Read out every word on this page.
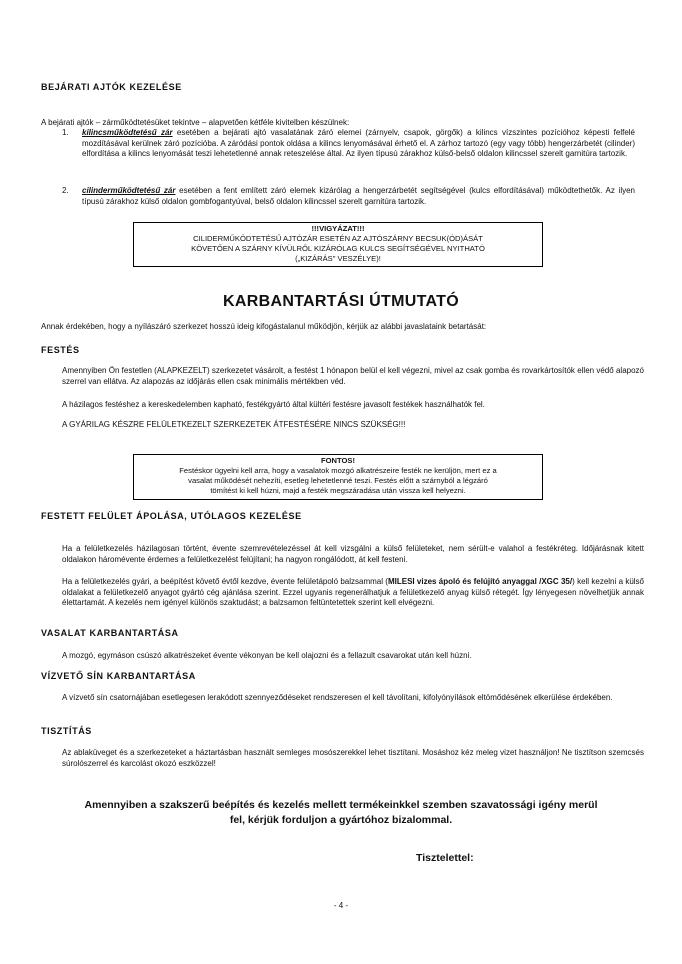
BEJÁRATI AJTÓK KEZELÉSE
A bejárati ajtók – zárműködtetésüket tekintve – alapvetően kétféle kivitelben készülnek:
1. kilincsműködtetésű zár esetében a bejárati ajtó vasalatának záró elemei (zárnyelv, csapok, görgők) a kilincs vízszintes pozícióhoz képesti felfelé mozdításával kerülnek záró pozícióba. A záródási pontok oldása a kilincs lenyomásával érhető el. A zárhoz tartozó (egy vagy több) hengerzárbetét (cilinder) elfordítása a kilincs lenyomását teszi lehetetlenné annak reteszelése által. Az ilyen típusú zárakhoz külső-belső oldalon kilincssel szerelt garnitúra tartozik.
2. cilinderműködtetésű zár esetében a fent említett záró elemek kizárólag a hengerzárbetét segítségével (kulcs elfordításával) működtethetők. Az ilyen típusú zárakhoz külső oldalon gombfogantyúval, belső oldalon kilincssel szerelt garnitúra tartozik.
!!!VIGYÁZAT!!!
CILIDERMŰKÖDTETÉSŰ AJTÓZÁR ESETÉN AZ AJTÓSZÁRNY BECSUK(ÓD)ÁSÁT
KÖVETŐEN A SZÁRNY KÍVÜLRŐL KIZÁRÓLAG KULCS SEGÍTSÉGÉVEL NYITHATÓ
(„KIZÁRÁS" VESZÉLYE)!
KARBANTARTÁSI ÚTMUTATÓ
Annak érdekében, hogy a nyílászáró szerkezet hosszú ideig kifogástalanul működjön, kérjük az alábbi javaslataink betartását:
FESTÉS
Amennyiben Ön festetlen (ALAPKEZELT) szerkezetet vásárolt, a festést 1 hónapon belül el kell végezni, mivel az csak gomba és rovarkártosítók ellen védő alapozó szerrel van ellátva. Az alapozás az időjárás ellen csak minimális mértékben véd.
A házilagos festéshez a kereskedelemben kapható, festékgyártó által kültéri festésre javasolt festékek használhatók fel.
A GYÁRILAG KÉSZRE FELÜLETKEZELT SZERKEZETEK ÁTFESTÉSÉRE NINCS SZÜKSÉG!!!
FONTOS!
Festéskor ügyelni kell arra, hogy a vasalatok mozgó alkatrészeire festék ne kerüljön, mert ez a
vasalat működését nehezíti, esetleg lehetetlenné teszi. Festés előtt a szárnyból a légzáró
tömítést ki kell húzni, majd a festék megszáradása után vissza kell helyezni.
FESTETT FELÜLET ÁPOLÁSA, UTÓLAGOS KEZELÉSE
Ha a felületkezelés házilagosan történt, évente szemrevételezéssel át kell vizsgálni a külső felületeket, nem sérült-e valahol a festékréteg. Időjárásnak kitett oldalakon háromévente érdemes a felületkezelést felújítani; ha nagyon rongálódott, át kell festeni.
Ha a felületkezelés gyári, a beépítést követő évtől kezdve, évente felületápoló balzsammal (MILESI vizes ápoló és felújító anyaggal /XGC 35/) kell kezelni a külső oldalakat a felületkezelő anyagot gyártó cég ajánlása szerint. Ezzel ugyanis regenerálhatjuk a felületkezelő anyag külső rétegét. Így lényegesen növelhetjük annak élettartamát. A kezelés nem igényel különös szaktudást; a balzsamon feltüntetettek szerint kell elvégezni.
VASALAT KARBANTARTÁSA
A mozgó, egymáson csúszó alkatrészeket évente vékonyan be kell olajozni és a fellazult csavarokat után kell húzni.
VÍZVETŐ SÍN KARBANTARTÁSA
A vízvető sín csatornájában esetlegesen lerakódott szennyeződéseket rendszeresen el kell távolítani, kifolyónyílások eltömődésének elkerülése érdekében.
TISZTÍTÁS
Az ablaküveget és a szerkezeteket a háztartásban használt semleges mosószerekkel lehet tisztítani. Mosáshoz kéz meleg vizet használjon! Ne tisztítson szemcsés súrolószerrel és karcolást okozó eszközzel!
Amennyiben a szakszerű beépítés és kezelés mellett termékeinkkel szemben szavatossági igény merül
fel, kérjük forduljon a gyártóhoz bizalommal.
Tisztelettel:
- 4 -
